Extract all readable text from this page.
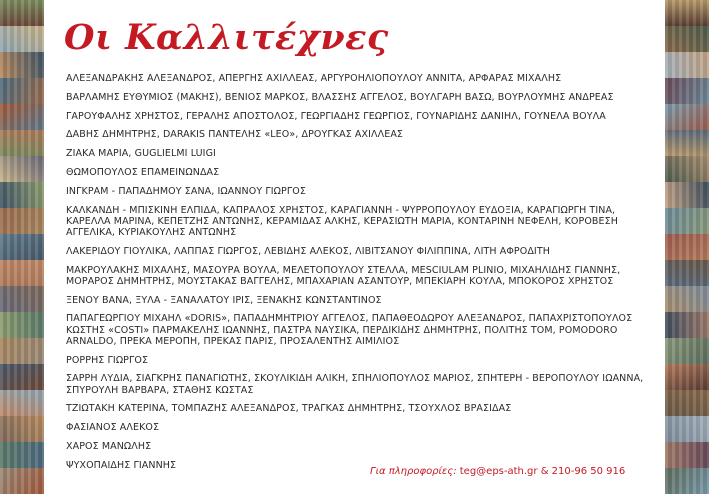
Οι Καλλιτέχνες
ΑΛΕΞΑΝΔΡΑΚΗΣ ΑΛΕΞΑΝΔΡΟΣ, ΑΠΕΡΓΗΣ ΑΧΙΛΛΕΑΣ, ΑΡΓΥΡΟΗΛΙΟΠΟΥΛΟΥ ΑΝΝΙΤΑ, ΑΡΦΑΡΑΣ ΜΙΧΑΛΗΣ
ΒΑΡΛΑΜΗΣ ΕΥΘΥΜΙΟΣ (ΜΑΚΗΣ), ΒΕΝΙΟΣ ΜΑΡΚΟΣ, ΒΛΑΣΣΗΣ ΑΓΓΕΛΟΣ, ΒΟΥΛΓΑΡΗ ΒΑΣΩ, ΒΟΥΡΛΟΥΜΗΣ ΑΝΔΡΕΑΣ
ΓΑΡΟΥΦΑΛΗΣ ΧΡΗΣΤΟΣ, ΓΕΡΑΛΗΣ ΑΠΟΣΤΟΛΟΣ, ΓΕΩΡΓΙΑΔΗΣ ΓΕΩΡΓΙΟΣ, ΓΟΥΝΑΡΙΔΗΣ ΔΑΝΙΗΛ, ΓΟΥΝΕΛΑ ΒΟΥΛΑ
ΔΑΒΗΣ ΔΗΜΗΤΡΗΣ, DARAKIS ΠΑΝΤΕΛΗΣ «LEO», ΔΡΟΥΓΚΑΣ ΑΧΙΛΛΕΑΣ
ΖΙΑΚΑ ΜΑΡΙΑ, GUGLIELMI LUIGI
ΘΩΜΟΠΟΥΛΟΣ ΕΠΑΜΕΙΝΩΝΔΑΣ
ΙΝΓΚΡΑΜ - ΠΑΠΑΔΗΜΟΥ ΣΑΝΑ, ΙΩΑΝΝΟΥ ΓΙΩΡΓΟΣ
ΚΑΛΚΑΝΔΗ - ΜΠΙΣΚΙΝΗ ΕΛΠΙΔΑ, ΚΑΠΡΑΛΟΣ ΧΡΗΣΤΟΣ, ΚΑΡΑΓΙΑΝΝΗ - ΨΥΡΡΟΠΟΥΛΟΥ ΕΥΔΟΞΙΑ, ΚΑΡΑΓΙΩΡΓΗ ΤΙΝΑ, ΚΑΡΕΛΛΑ ΜΑΡΙΝΑ, ΚΕΠΕΤΖΗΣ ΑΝΤΩΝΗΣ, ΚΕΡΑΜΙΔΑΣ ΑΛΚΗΣ, ΚΕΡΑΣΙΩΤΗ ΜΑΡΙΑ, ΚΟΝΤΑΡΙΝΗ ΝΕΦΕΛΗ, ΚΟΡΟΒΕΣΗ ΑΓΓΕΛΙΚΑ, ΚΥΡΙΑΚΟΥΛΗΣ ΑΝΤΩΝΗΣ
ΛΑΚΕΡΙΔΟΥ ΓΙΟΥΛΙΚΑ, ΛΑΠΠΑΣ ΓΙΩΡΓΟΣ, ΛΕΒΙΔΗΣ ΑΛΕΚΟΣ, ΛΙΒΙΤΣΑΝΟΥ ΦΙΛΙΠΠΙΝΑ, ΛΙΤΗ ΑΦΡΟΔΙΤΗ
ΜΑΚΡΟΥΛΑΚΗΣ ΜΙΧΑΛΗΣ, ΜΑΣΟΥΡΑ ΒΟΥΛΑ, ΜΕΛΕΤΟΠΟΥΛΟΥ ΣΤΕΛΛΑ, MESCIULAM PLINIO, ΜΙΧΑΗΛΙΔΗΣ ΓΙΑΝΝΗΣ, ΜΟΡΑΡΟΣ ΔΗΜΗΤΡΗΣ, ΜΟΥΣΤΑΚΑΣ ΒΑΓΓΕΛΗΣ, ΜΠΑΧΑΡΙΑΝ ΑΣΑΝΤΟΥΡ, ΜΠΕΚΙΑΡΗ ΚΟΥΛΑ, ΜΠΟΚΟΡΟΣ ΧΡΗΣΤΟΣ
ΞΕΝΟΥ ΒΑΝΑ, ΞΥΛΑ - ΞΑΝΑΛΑΤΟΥ ΙΡΙΣ, ΞΕΝΑΚΗΣ ΚΩΝΣΤΑΝΤΙΝΟΣ
ΠΑΠΑΓΕΩΡΓΙΟΥ ΜΙΧΑΗΛ «DORIS», ΠΑΠΑΔΗΜΗΤΡΙΟΥ ΑΓΓΕΛΟΣ, ΠΑΠΑΘΕΟΔΩΡΟΥ ΑΛΕΞΑΝΔΡΟΣ, ΠΑΠΑΧΡΙΣΤΟΠΟΥΛΟΣ ΚΩΣΤΗΣ «COSTI» ΠΑΡΜΑΚΕΛΗΣ ΙΩΑΝΝΗΣ, ΠΑΣΤΡΑ ΝΑΥΣΙΚΑ, ΠΕΡΔΙΚΙΔΗΣ ΔΗΜΗΤΡΗΣ, ΠΟΛΙΤΗΣ ΤΟΜ, POMODORO ARNALDO, ΠΡΕΚΑ ΜΕΡΟΠΗ, ΠΡΕΚΑΣ ΠΑΡΙΣ, ΠΡΟΣΑΛΕΝΤΗΣ ΑΙΜΙΛΙΟΣ
ΡΟΡΡΗΣ ΓΙΩΡΓΟΣ
ΣΑΡΡΗ ΛΥΔΙΑ, ΣΙΑΓΚΡΗΣ ΠΑΝΑΓΙΩΤΗΣ, ΣΚΟΥΛΙΚΙΔΗ ΑΛΙΚΗ, ΣΠΗΛΙΟΠΟΥΛΟΣ ΜΑΡΙΟΣ, ΣΠΗΤΕΡΗ - ΒΕΡΟΠΟΥΛΟΥ ΙΩΑΝΝΑ, ΣΠΥΡΟΥΛΗ ΒΑΡΒΑΡΑ, ΣΤΑΘΗΣ ΚΩΣΤΑΣ
ΤΖΙΩΤΑΚΗ ΚΑΤΕΡΙΝΑ, ΤΟΜΠΑΖΗΣ ΑΛΕΞΑΝΔΡΟΣ, ΤΡΑΓΚΑΣ ΔΗΜΗΤΡΗΣ, ΤΣΟΥΧΛΟΣ ΒΡΑΣΙΔΑΣ
ΦΑΣΙΑΝΟΣ ΑΛΕΚΟΣ
ΧΑΡΟΣ ΜΑΝΩΛΗΣ
ΨΥΧΟΠΑΙΔΗΣ ΓΙΑΝΝΗΣ
Για πληροφορίες: teg@eps-ath.gr & 210-96 50 916
